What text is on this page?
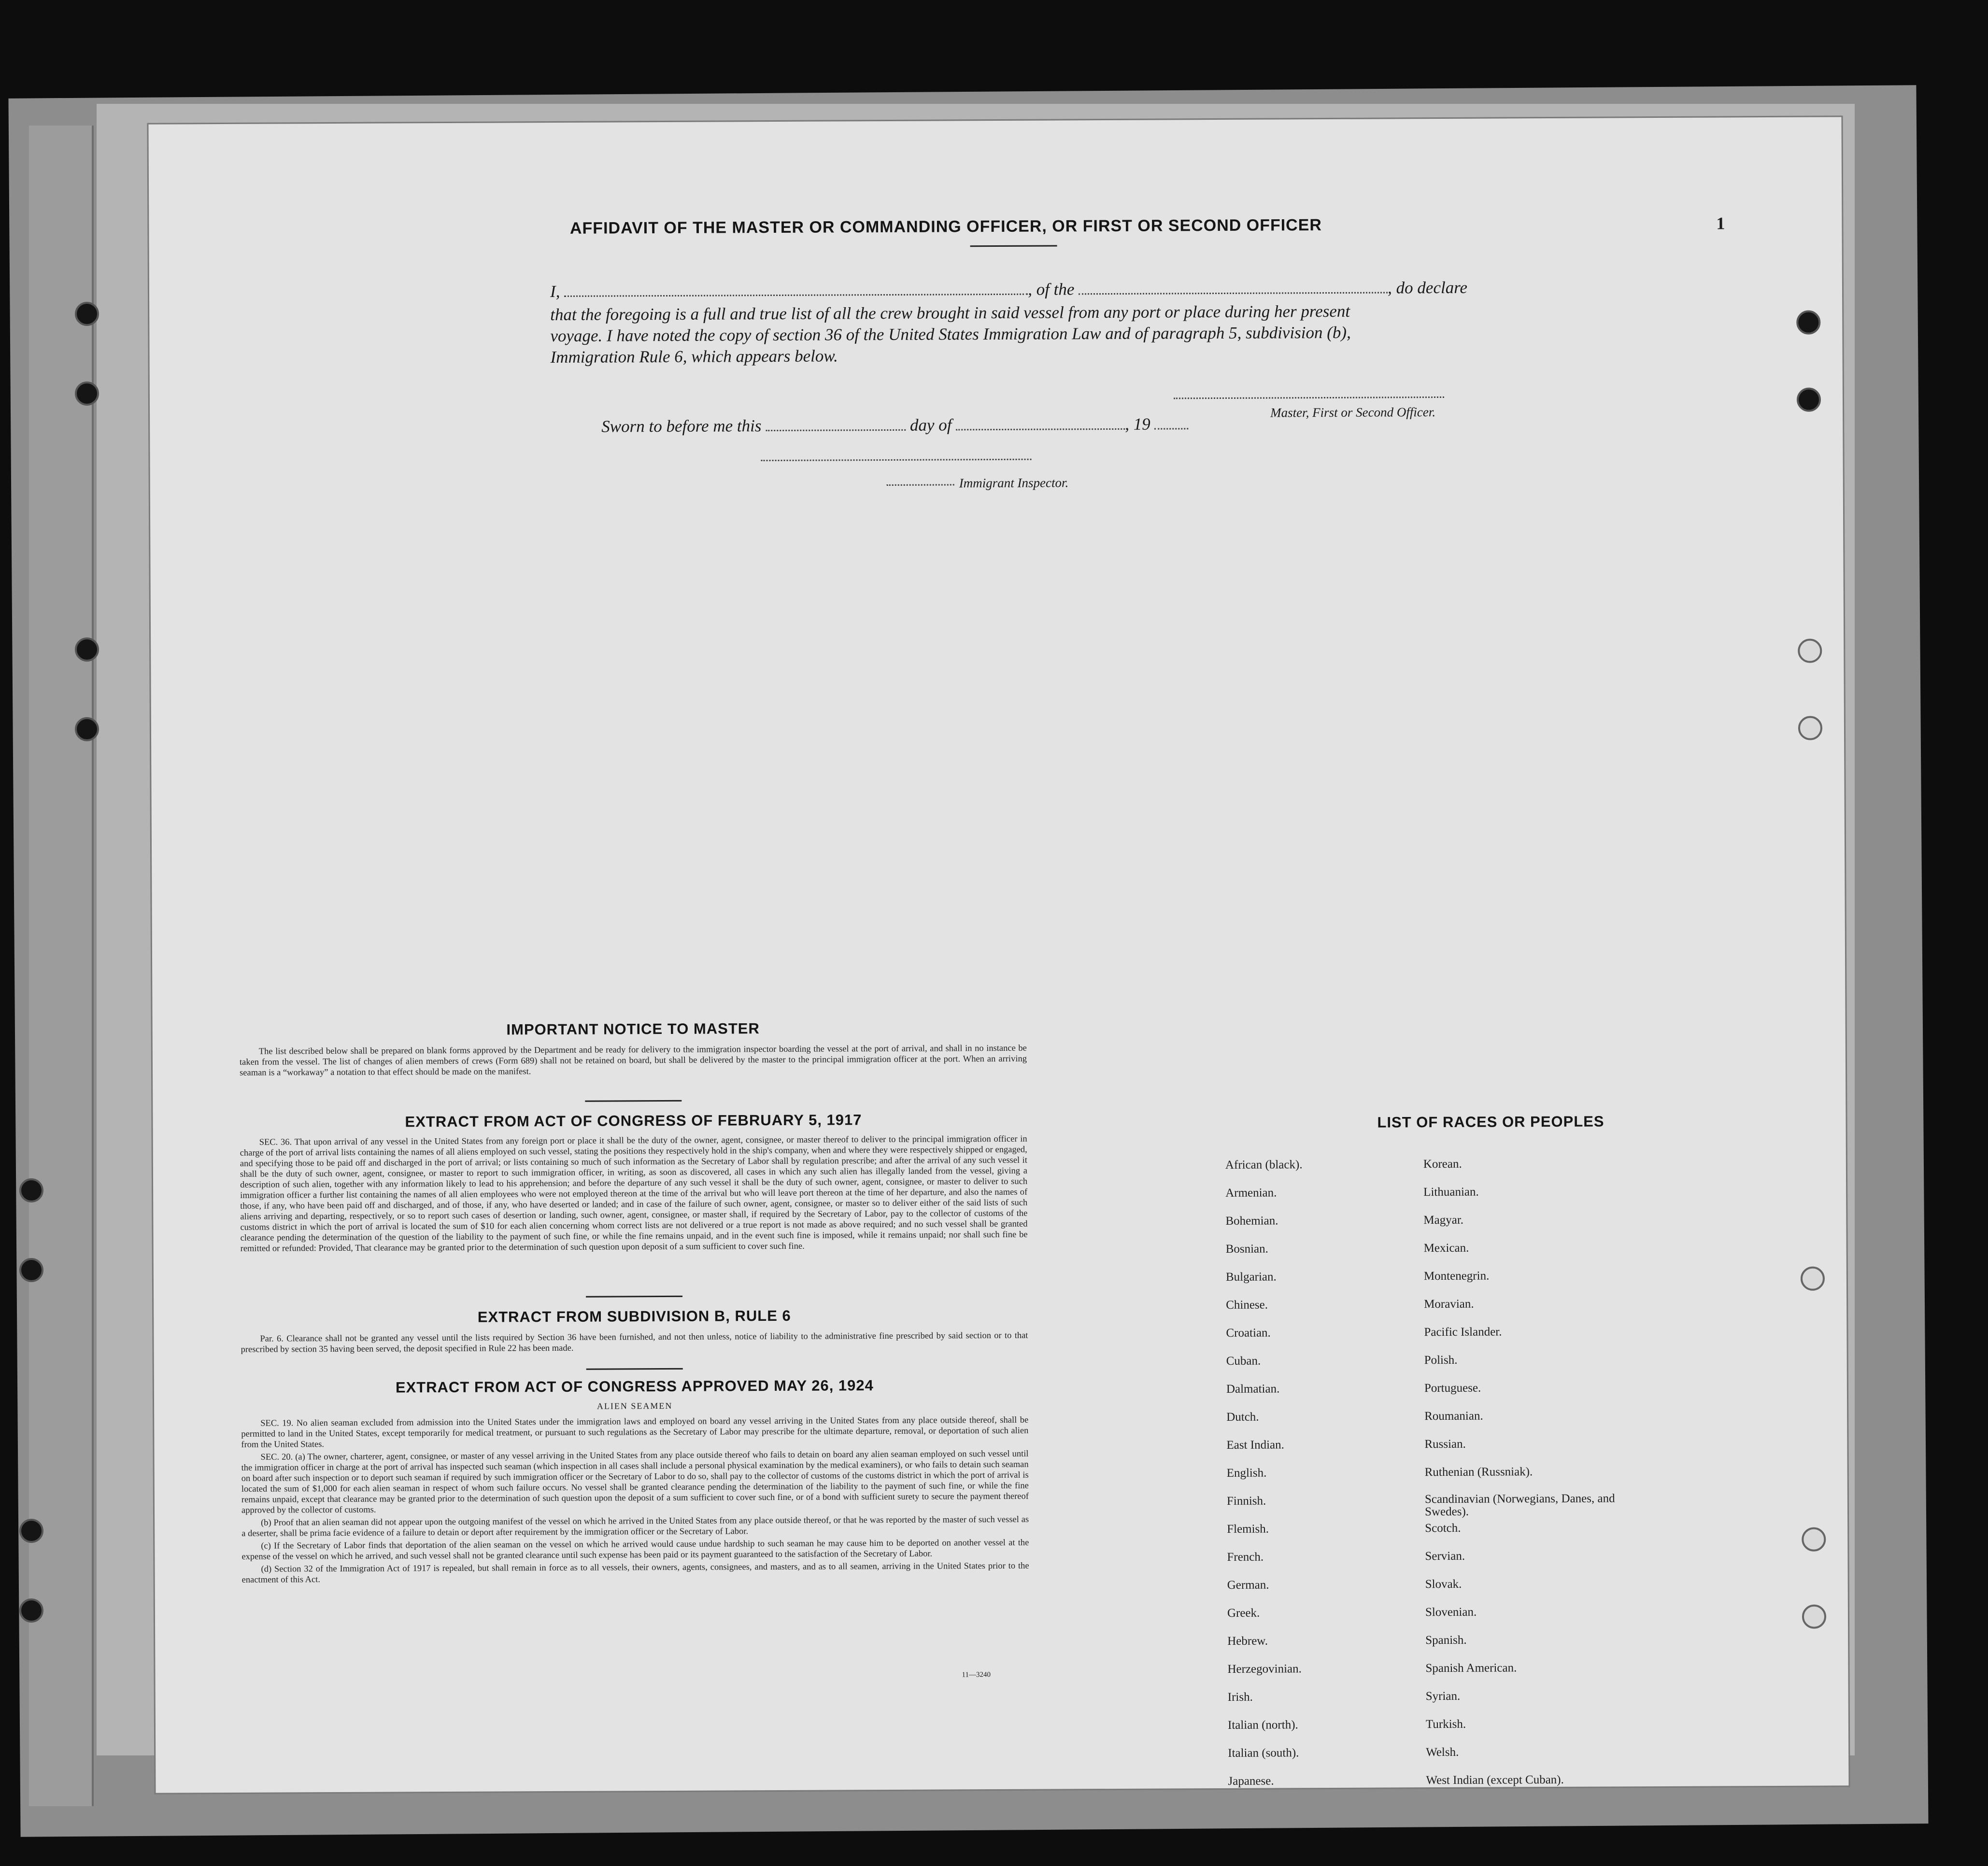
AFFIDAVIT OF THE MASTER OR COMMANDING OFFICER, OR FIRST OR SECOND OFFICER	1
I,	, of the	, do declare
that the foregoing is a full and true list of all the crew brought in said vessel from any port or place during her present
voyage. I have noted the copy of section 36 of the United States Immigration Law and of paragraph 5, subdivision (b),
Immigration Rule 6, which appears below.
Master, First or Second Officer.
Sworn to before me this	day of	, 19
Immigrant Inspector.
IMPORTANT NOTICE TO MASTER

The list described below shall be prepared on blank forms approved by the Department and be ready for delivery to the immigration inspector boarding the vessel at the port of arrival, and shall in no instance be taken from the vessel. The list of changes of alien members of crews (Form 689) shall not be retained on board, but shall be delivered by the master to the principal immigration officer at the port. When an arriving seaman is a “workaway” a notation to that effect should be made on the manifest.

EXTRACT FROM ACT OF CONGRESS OF FEBRUARY 5, 1917

SEC. 36. That upon arrival of any vessel in the United States from any foreign port or place it shall be the duty of the owner, agent, consignee, or master thereof to deliver to the principal immigration officer in charge of the port of arrival lists containing the names of all aliens employed on such vessel, stating the positions they respectively hold in the ship's company, when and where they were respectively shipped or engaged, and specifying those to be paid off and discharged in the port of arrival; or lists containing so much of such information as the Secretary of Labor shall by regulation prescribe; and after the arrival of any such vessel it shall be the duty of such owner, agent, consignee, or master to report to such immigration officer, in writing, as soon as discovered, all cases in which any such alien has illegally landed from the vessel, giving a description of such alien, together with any information likely to lead to his apprehension; and before the departure of any such vessel it shall be the duty of such owner, agent, consignee, or master to deliver to such immigration officer a further list containing the names of all alien employees who were not employed thereon at the time of the arrival but who will leave port thereon at the time of her departure, and also the names of those, if any, who have been paid off and discharged, and of those, if any, who have deserted or landed; and in case of the failure of such owner, agent, consignee, or master so to deliver either of the said lists of such aliens arriving and departing, respectively, or so to report such cases of desertion or landing, such owner, agent, consignee, or master shall, if required by the Secretary of Labor, pay to the collector of customs of the customs district in which the port of arrival is located the sum of $10 for each alien concerning whom correct lists are not delivered or a true report is not made as above required; and no such vessel shall be granted clearance pending the determination of the question of the liability to the payment of such fine, or while the fine remains unpaid, and in the event such fine is imposed, while it remains unpaid; nor shall such fine be remitted or refunded: Provided, That clearance may be granted prior to the determination of such question upon deposit of a sum sufficient to cover such fine.

EXTRACT FROM SUBDIVISION B, RULE 6

Par. 6. Clearance shall not be granted any vessel until the lists required by Section 36 have been furnished, and not then unless, notice of liability to the administrative fine prescribed by said section or to that prescribed by section 35 having been served, the deposit specified in Rule 22 has been made.

EXTRACT FROM ACT OF CONGRESS APPROVED MAY 26, 1924
ALIEN SEAMEN

SEC. 19. No alien seaman excluded from admission into the United States under the immigration laws and employed on board any vessel arriving in the United States from any place outside thereof, shall be permitted to land in the United States, except temporarily for medical treatment, or pursuant to such regulations as the Secretary of Labor may prescribe for the ultimate departure, removal, or deportation of such alien from the United States.

SEC. 20. (a) The owner, charterer, agent, consignee, or master of any vessel arriving in the United States from any place outside thereof who fails to detain on board any alien seaman employed on such vessel until the immigration officer in charge at the port of arrival has inspected such seaman (which inspection in all cases shall include a personal physical examination by the medical examiners), or who fails to detain such seaman on board after such inspection or to deport such seaman if required by such immigration officer or the Secretary of Labor to do so, shall pay to the collector of customs of the customs district in which the port of arrival is located the sum of $1,000 for each alien seaman in respect of whom such failure occurs. No vessel shall be granted clearance pending the determination of the liability to the payment of such fine, or while the fine remains unpaid, except that clearance may be granted prior to the determination of such question upon the deposit of a sum sufficient to cover such fine, or of a bond with sufficient surety to secure the payment thereof approved by the collector of customs.

(b) Proof that an alien seaman did not appear upon the outgoing manifest of the vessel on which he arrived in the United States from any place outside thereof, or that he was reported by the master of such vessel as a deserter, shall be prima facie evidence of a failure to detain or deport after requirement by the immigration officer or the Secretary of Labor.

(c) If the Secretary of Labor finds that deportation of the alien seaman on the vessel on which he arrived would cause undue hardship to such seaman he may cause him to be deported on another vessel at the expense of the vessel on which he arrived, and such vessel shall not be granted clearance until such expense has been paid or its payment guaranteed to the satisfaction of the Secretary of Labor.

(d) Section 32 of the Immigration Act of 1917 is repealed, but shall remain in force as to all vessels, their owners, agents, consignees, and masters, and as to all seamen, arriving in the United States prior to the enactment of this Act.

11—3240
LIST OF RACES OR PEOPLES
African (black).
Armenian.
Bohemian.
Bosnian.
Bulgarian.
Chinese.
Croatian.
Cuban.
Dalmatian.
Dutch.
East Indian.
English.
Finnish.
Flemish.
French.
German.
Greek.
Hebrew.
Herzegovinian.
Irish.
Italian (north).
Italian (south).
Japanese.
Korean.
Lithuanian.
Magyar.
Mexican.
Montenegrin.
Moravian.
Pacific Islander.
Polish.
Portuguese.
Roumanian.
Russian.
Ruthenian (Russniak).
Scandinavian (Norwegians, Danes, and Swedes).
Scotch.
Servian.
Slovak.
Slovenian.
Spanish.
Spanish American.
Syrian.
Turkish.
Welsh.
West Indian (except Cuban).
